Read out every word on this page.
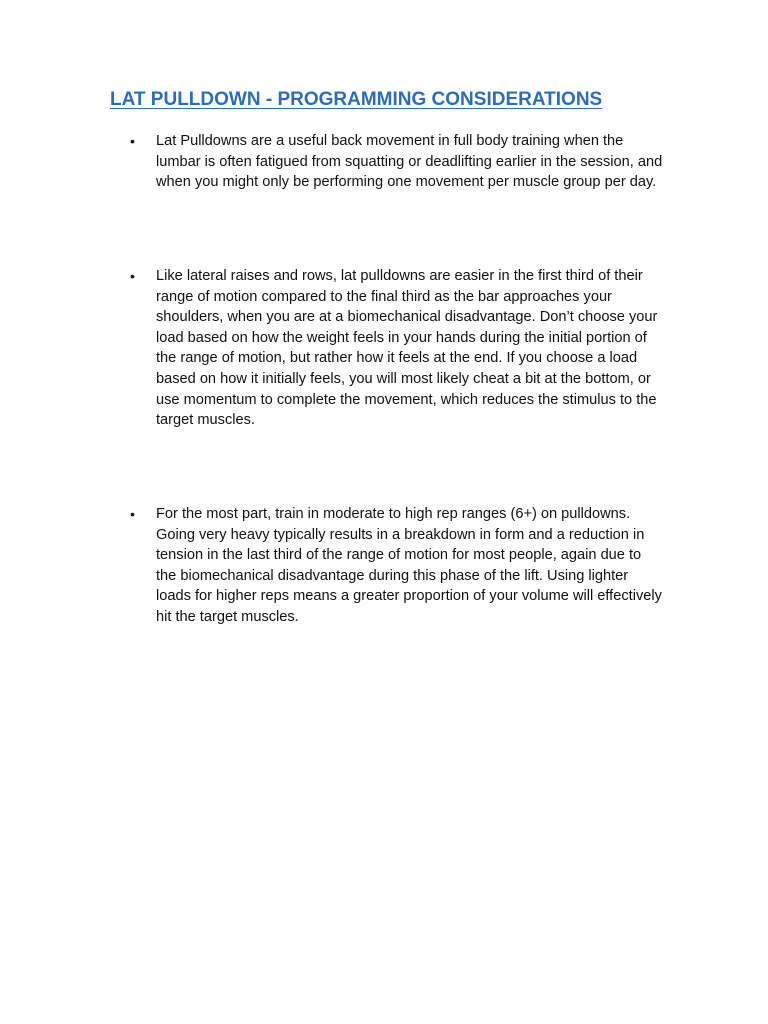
LAT PULLDOWN - PROGRAMMING CONSIDERATIONS
• Lat Pulldowns are a useful back movement in full body training when the lumbar is often fatigued from squatting or deadlifting earlier in the session, and when you might only be performing one movement per muscle group per day.

• Like lateral raises and rows, lat pulldowns are easier in the first third of their range of motion compared to the final third as the bar approaches your shoulders, when you are at a biomechanical disadvantage. Don’t choose your load based on how the weight feels in your hands during the initial portion of the range of motion, but rather how it feels at the end. If you choose a load based on how it initially feels, you will most likely cheat a bit at the bottom, or use momentum to complete the movement, which reduces the stimulus to the target muscles.

• For the most part, train in moderate to high rep ranges (6+) on pulldowns. Going very heavy typically results in a breakdown in form and a reduction in tension in the last third of the range of motion for most people, again due to the biomechanical disadvantage during this phase of the lift. Using lighter loads for higher reps means a greater proportion of your volume will effectively hit the target muscles.
